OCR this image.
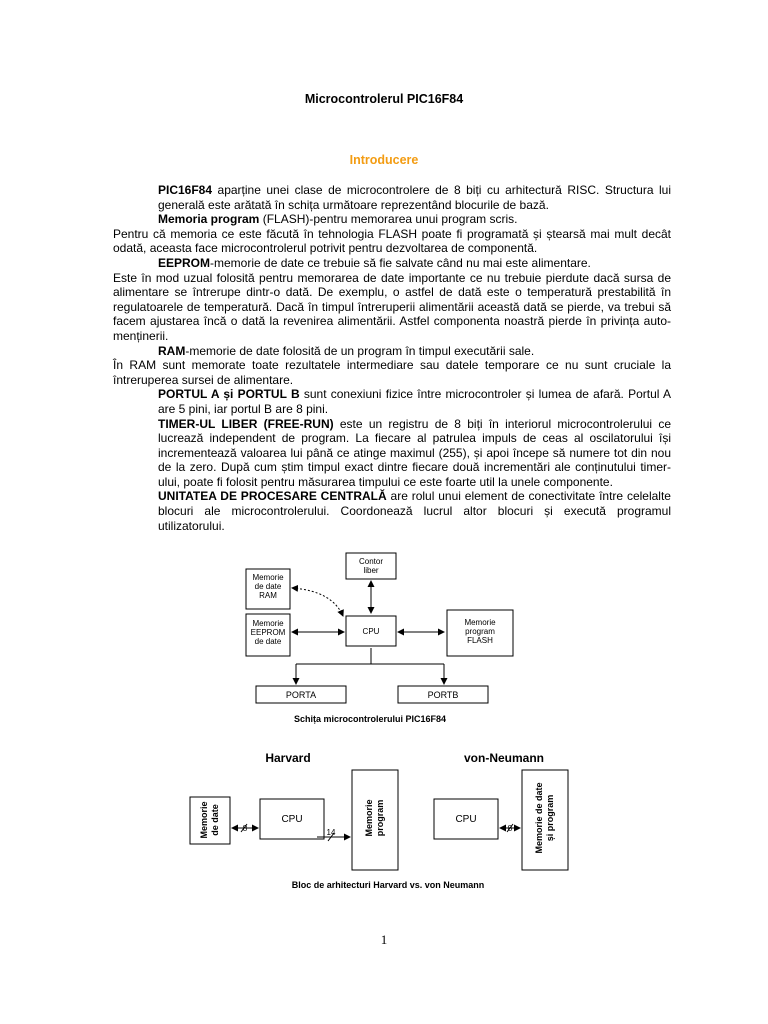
Microcontrolerul PIC16F84
Introducere

PIC16F84 aparține unei clase de microcontrolere de 8 biți cu arhitectură RISC. Structura lui generală este arătată în schița următoare reprezentând blocurile de bază.

Memoria program (FLASH)-pentru memorarea unui program scris.

Pentru că memoria ce este făcută în tehnologia FLASH poate fi programată și ștearsă mai mult decât odată, aceasta face microcontrolerul potrivit pentru dezvoltarea de componentă.

EEPROM-memorie de date ce trebuie să fie salvate când nu mai este alimentare.

Este în mod uzual folosită pentru memorarea de date importante ce nu trebuie pierdute dacă sursa de alimentare se întrerupe dintr-o dată. De exemplu, o astfel de dată este o temperatură prestabilită în regulatoarele de temperatură. Dacă în timpul întreruperii alimentării această dată se pierde, va trebui să facem ajustarea încă o dată la revenirea alimentării. Astfel componenta noastră pierde în privința auto-menținerii.

RAM-memorie de date folosită de un program în timpul executării sale.

În RAM sunt memorate toate rezultatele intermediare sau datele temporare ce nu sunt cruciale la întreruperea sursei de alimentare.

PORTUL A și PORTUL B sunt conexiuni fizice între microcontroler și lumea de afară. Portul A are 5 pini, iar portul B are 8 pini.

TIMER-UL LIBER (FREE-RUN) este un registru de 8 biți în interiorul microcontrolerului ce lucrează independent de program. La fiecare al patrulea impuls de ceas al oscilatorului își incrementează valoarea lui până ce atinge maximul (255), și apoi începe să numere tot din nou de la zero. După cum știm timpul exact dintre fiecare două incrementări ale conținutului timer-ului, poate fi folosit pentru măsurarea timpului ce este foarte util la unele componente.

UNITATEA DE PROCESARE CENTRALĂ are rolul unui element de conectivitate între celelalte blocuri ale microcontrolerului. Coordonează lucrul altor blocuri și execută programul utilizatorului.

Memorie de date RAM
Memorie EEPROM de date
Contor liber
CPU
Memorie program FLASH
PORTA	PORTB
Schița microcontrolerului PIC16F84
Harvard	von-Neumann
Memoriede date	CPU	Memorieprogram
8	14
CPU	Memorie de dateși program
8
Bloc de arhitecturi Harvard vs. von Neumann
1
